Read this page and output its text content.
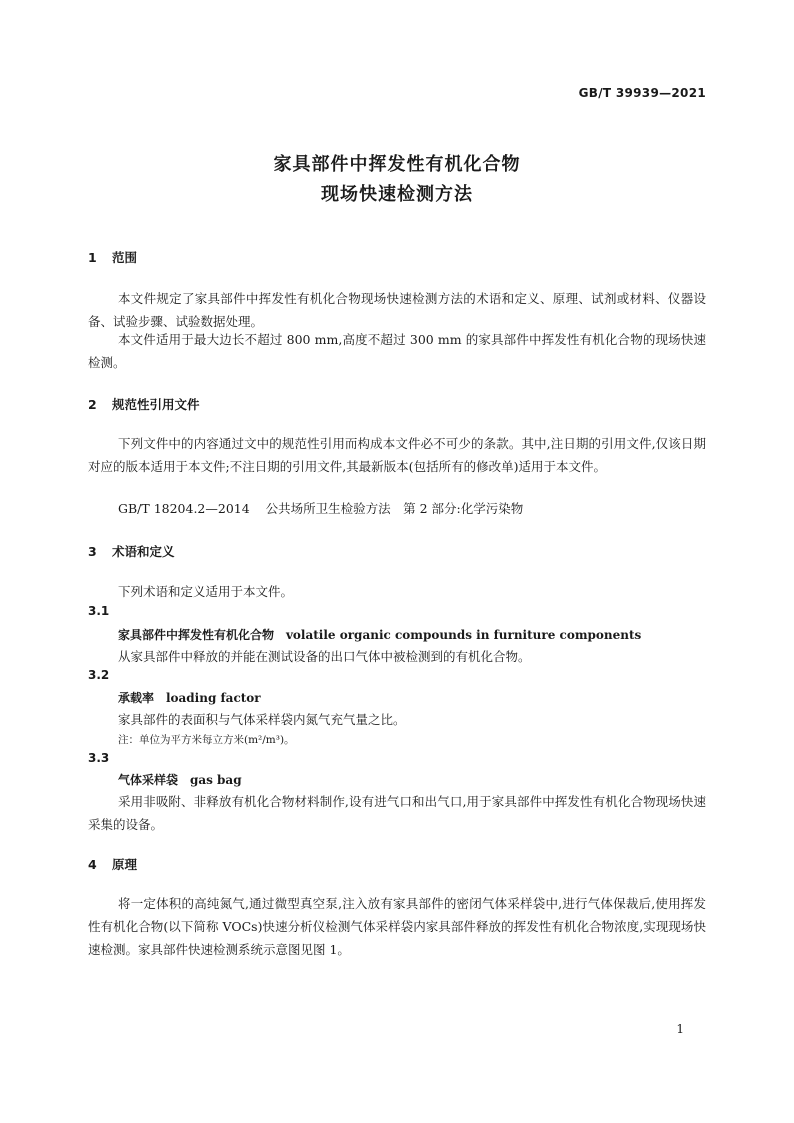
GB/T 39939—2021
家具部件中挥发性有机化合物
现场快速检测方法
1 范围

本文件规定了家具部件中挥发性有机化合物现场快速检测方法的术语和定义、原理、试剂或材料、仪器设备、试验步骤、试验数据处理。

本文件适用于最大边长不超过 800 mm,高度不超过 300 mm 的家具部件中挥发性有机化合物的现场快速检测。

2 规范性引用文件

下列文件中的内容通过文中的规范性引用而构成本文件必不可少的条款。其中,注日期的引用文件,仅该日期对应的版本适用于本文件;不注日期的引用文件,其最新版本(包括所有的修改单)适用于本文件。

GB/T 18204.2—2014 公共场所卫生检验方法　第 2 部分:化学污染物
3 术语和定义
下列术语和定义适用于本文件。
3.1
家具部件中挥发性有机化合物 volatile organic compounds in furniture components
从家具部件中释放的并能在测试设备的出口气体中被检测到的有机化合物。
3.2
承载率 loading factor
家具部件的表面积与气体采样袋内氮气充气量之比。
注：单位为平方米每立方米(m²/m³)。
3.3
气体采样袋 gas bag

采用非吸附、非释放有机化合物材料制作,设有进气口和出气口,用于家具部件中挥发性有机化合物现场快速采集的设备。

4 原理

将一定体积的高纯氮气,通过微型真空泵,注入放有家具部件的密闭气体采样袋中,进行气体保裁后,使用挥发性有机化合物(以下简称 VOCs)快速分析仪检测气体采样袋内家具部件释放的挥发性有机化合物浓度,实现现场快速检测。家具部件快速检测系统示意图见图 1。

1
